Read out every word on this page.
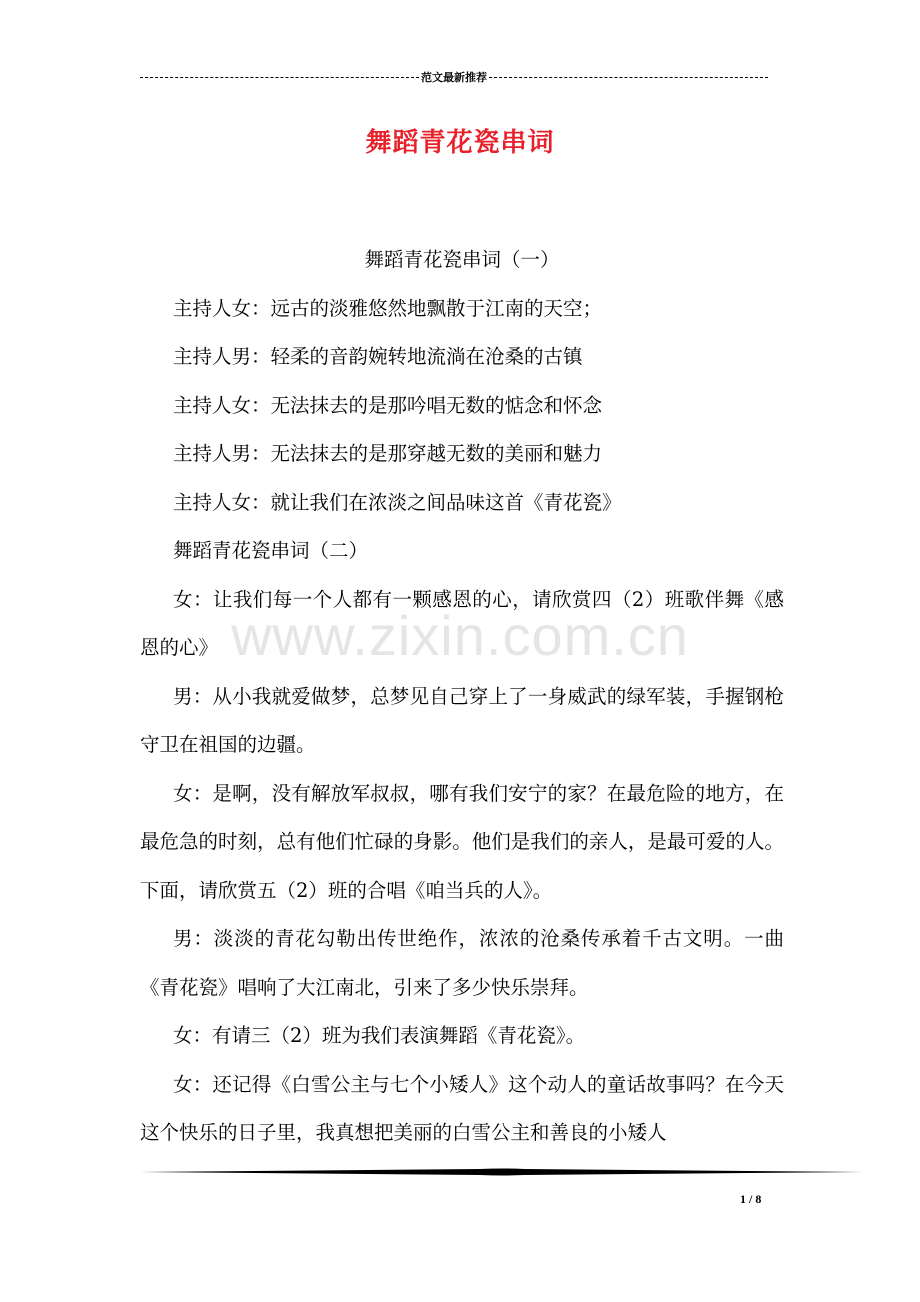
范文最新推荐
舞蹈青花瓷串词
www.zixin.com.cn

舞蹈青花瓷串词（一）

主持人女：远古的淡雅悠然地飘散于江南的天空；

主持人男：轻柔的音韵婉转地流淌在沧桑的古镇

主持人女：无法抹去的是那吟唱无数的惦念和怀念

主持人男：无法抹去的是那穿越无数的美丽和魅力

主持人女：就让我们在浓淡之间品味这首《青花瓷》

舞蹈青花瓷串词（二）

女：让我们每一个人都有一颗感恩的心，请欣赏四（2）班歌伴舞《感恩的心》

男：从小我就爱做梦，总梦见自己穿上了一身威武的绿军装，手握钢枪守卫在祖国的边疆。

女：是啊，没有解放军叔叔，哪有我们安宁的家？在最危险的地方，在最危急的时刻，总有他们忙碌的身影。他们是我们的亲人，是最可爱的人。下面，请欣赏五（2）班的合唱《咱当兵的人》。

男：淡淡的青花勾勒出传世绝作，浓浓的沧桑传承着千古文明。一曲《青花瓷》唱响了大江南北，引来了多少快乐崇拜。

女：有请三（2）班为我们表演舞蹈《青花瓷》。

女：还记得《白雪公主与七个小矮人》这个动人的童话故事吗？在今天这个快乐的日子里，我真想把美丽的白雪公主和善良的小矮人

1 / 8
